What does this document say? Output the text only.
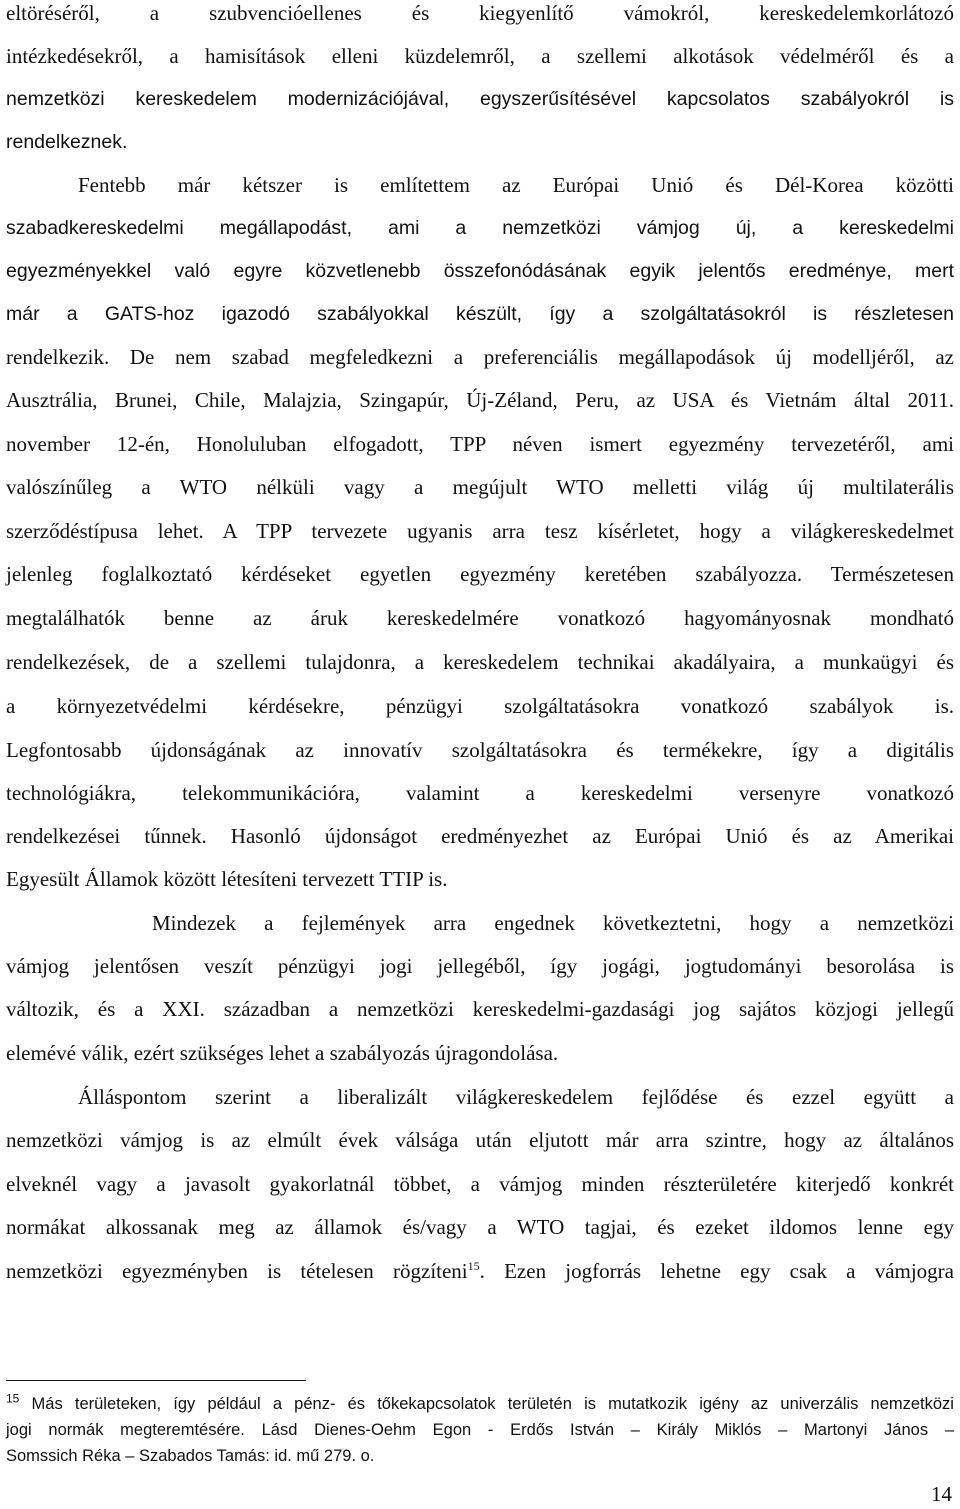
eltöréséről, a szubvencióellenes és kiegyenlítő vámokról, kereskedelemkorlátozó
intézkedésekről, a hamisítások elleni küzdelemről, a szellemi alkotások védelméről és a
nemzetközi kereskedelem modernizációjával, egyszerűsítésével kapcsolatos szabályokról is
rendelkeznek.
Fentebb már kétszer is említettem az Európai Unió és Dél-Korea közötti
szabadkereskedelmi megállapodást, ami a nemzetközi vámjog új, a kereskedelmi
egyezményekkel való egyre közvetlenebb összefonódásának egyik jelentős eredménye, mert
már a GATS-hoz igazodó szabályokkal készült, így a szolgáltatásokról is részletesen
rendelkezik. De nem szabad megfeledkezni a preferenciális megállapodások új modelljéről, az
Ausztrália, Brunei, Chile, Malajzia, Szingapúr, Új-Zéland, Peru, az USA és Vietnám által 2011.
november 12-én, Honoluluban elfogadott, TPP néven ismert egyezmény tervezetéről, ami
valószínűleg a WTO nélküli vagy a megújult WTO melletti világ új multilaterális
szerződéstípusa lehet. A TPP tervezete ugyanis arra tesz kísérletet, hogy a világkereskedelmet
jelenleg foglalkoztató kérdéseket egyetlen egyezmény keretében szabályozza. Természetesen
megtalálhatók benne az áruk kereskedelmére vonatkozó hagyományosnak mondható
rendelkezések, de a szellemi tulajdonra, a kereskedelem technikai akadályaira, a munkaügyi és
a környezetvédelmi kérdésekre, pénzügyi szolgáltatásokra vonatkozó szabályok is.
Legfontosabb újdonságának az innovatív szolgáltatásokra és termékekre, így a digitális
technológiákra, telekommunikációra, valamint a kereskedelmi versenyre vonatkozó
rendelkezései tűnnek. Hasonló újdonságot eredményezhet az Európai Unió és az Amerikai
Egyesült Államok között létesíteni tervezett TTIP is.
Mindezek a fejlemények arra engednek következtetni, hogy a nemzetközi
vámjog jelentősen veszít pénzügyi jogi jellegéből, így jogági, jogtudományi besorolása is
változik, és a XXI. században a nemzetközi kereskedelmi-gazdasági jog sajátos közjogi jellegű
elemévé válik, ezért szükséges lehet a szabályozás újragondolása.
Álláspontom szerint a liberalizált világkereskedelem fejlődése és ezzel együtt a
nemzetközi vámjog is az elmúlt évek válsága után eljutott már arra szintre, hogy az általános
elveknél vagy a javasolt gyakorlatnál többet, a vámjog minden részterületére kiterjedő konkrét
normákat alkossanak meg az államok és/vagy a WTO tagjai, és ezeket ildomos lenne egy
nemzetközi egyezményben is tételesen rögzíteni$^{15}$. Ezen jogforrás lehetne egy csak a vámjogra
$^{15}$ Más területeken, így például a pénz- és tőkekapcsolatok területén is mutatkozik igény az univerzális nemzetközi
jogi normák megteremtésére. Lásd Dienes-Oehm Egon - Erdős István – Király Miklós – Martonyi János –
Somssich Réka – Szabados Tamás: id. mű 279. o.
14
